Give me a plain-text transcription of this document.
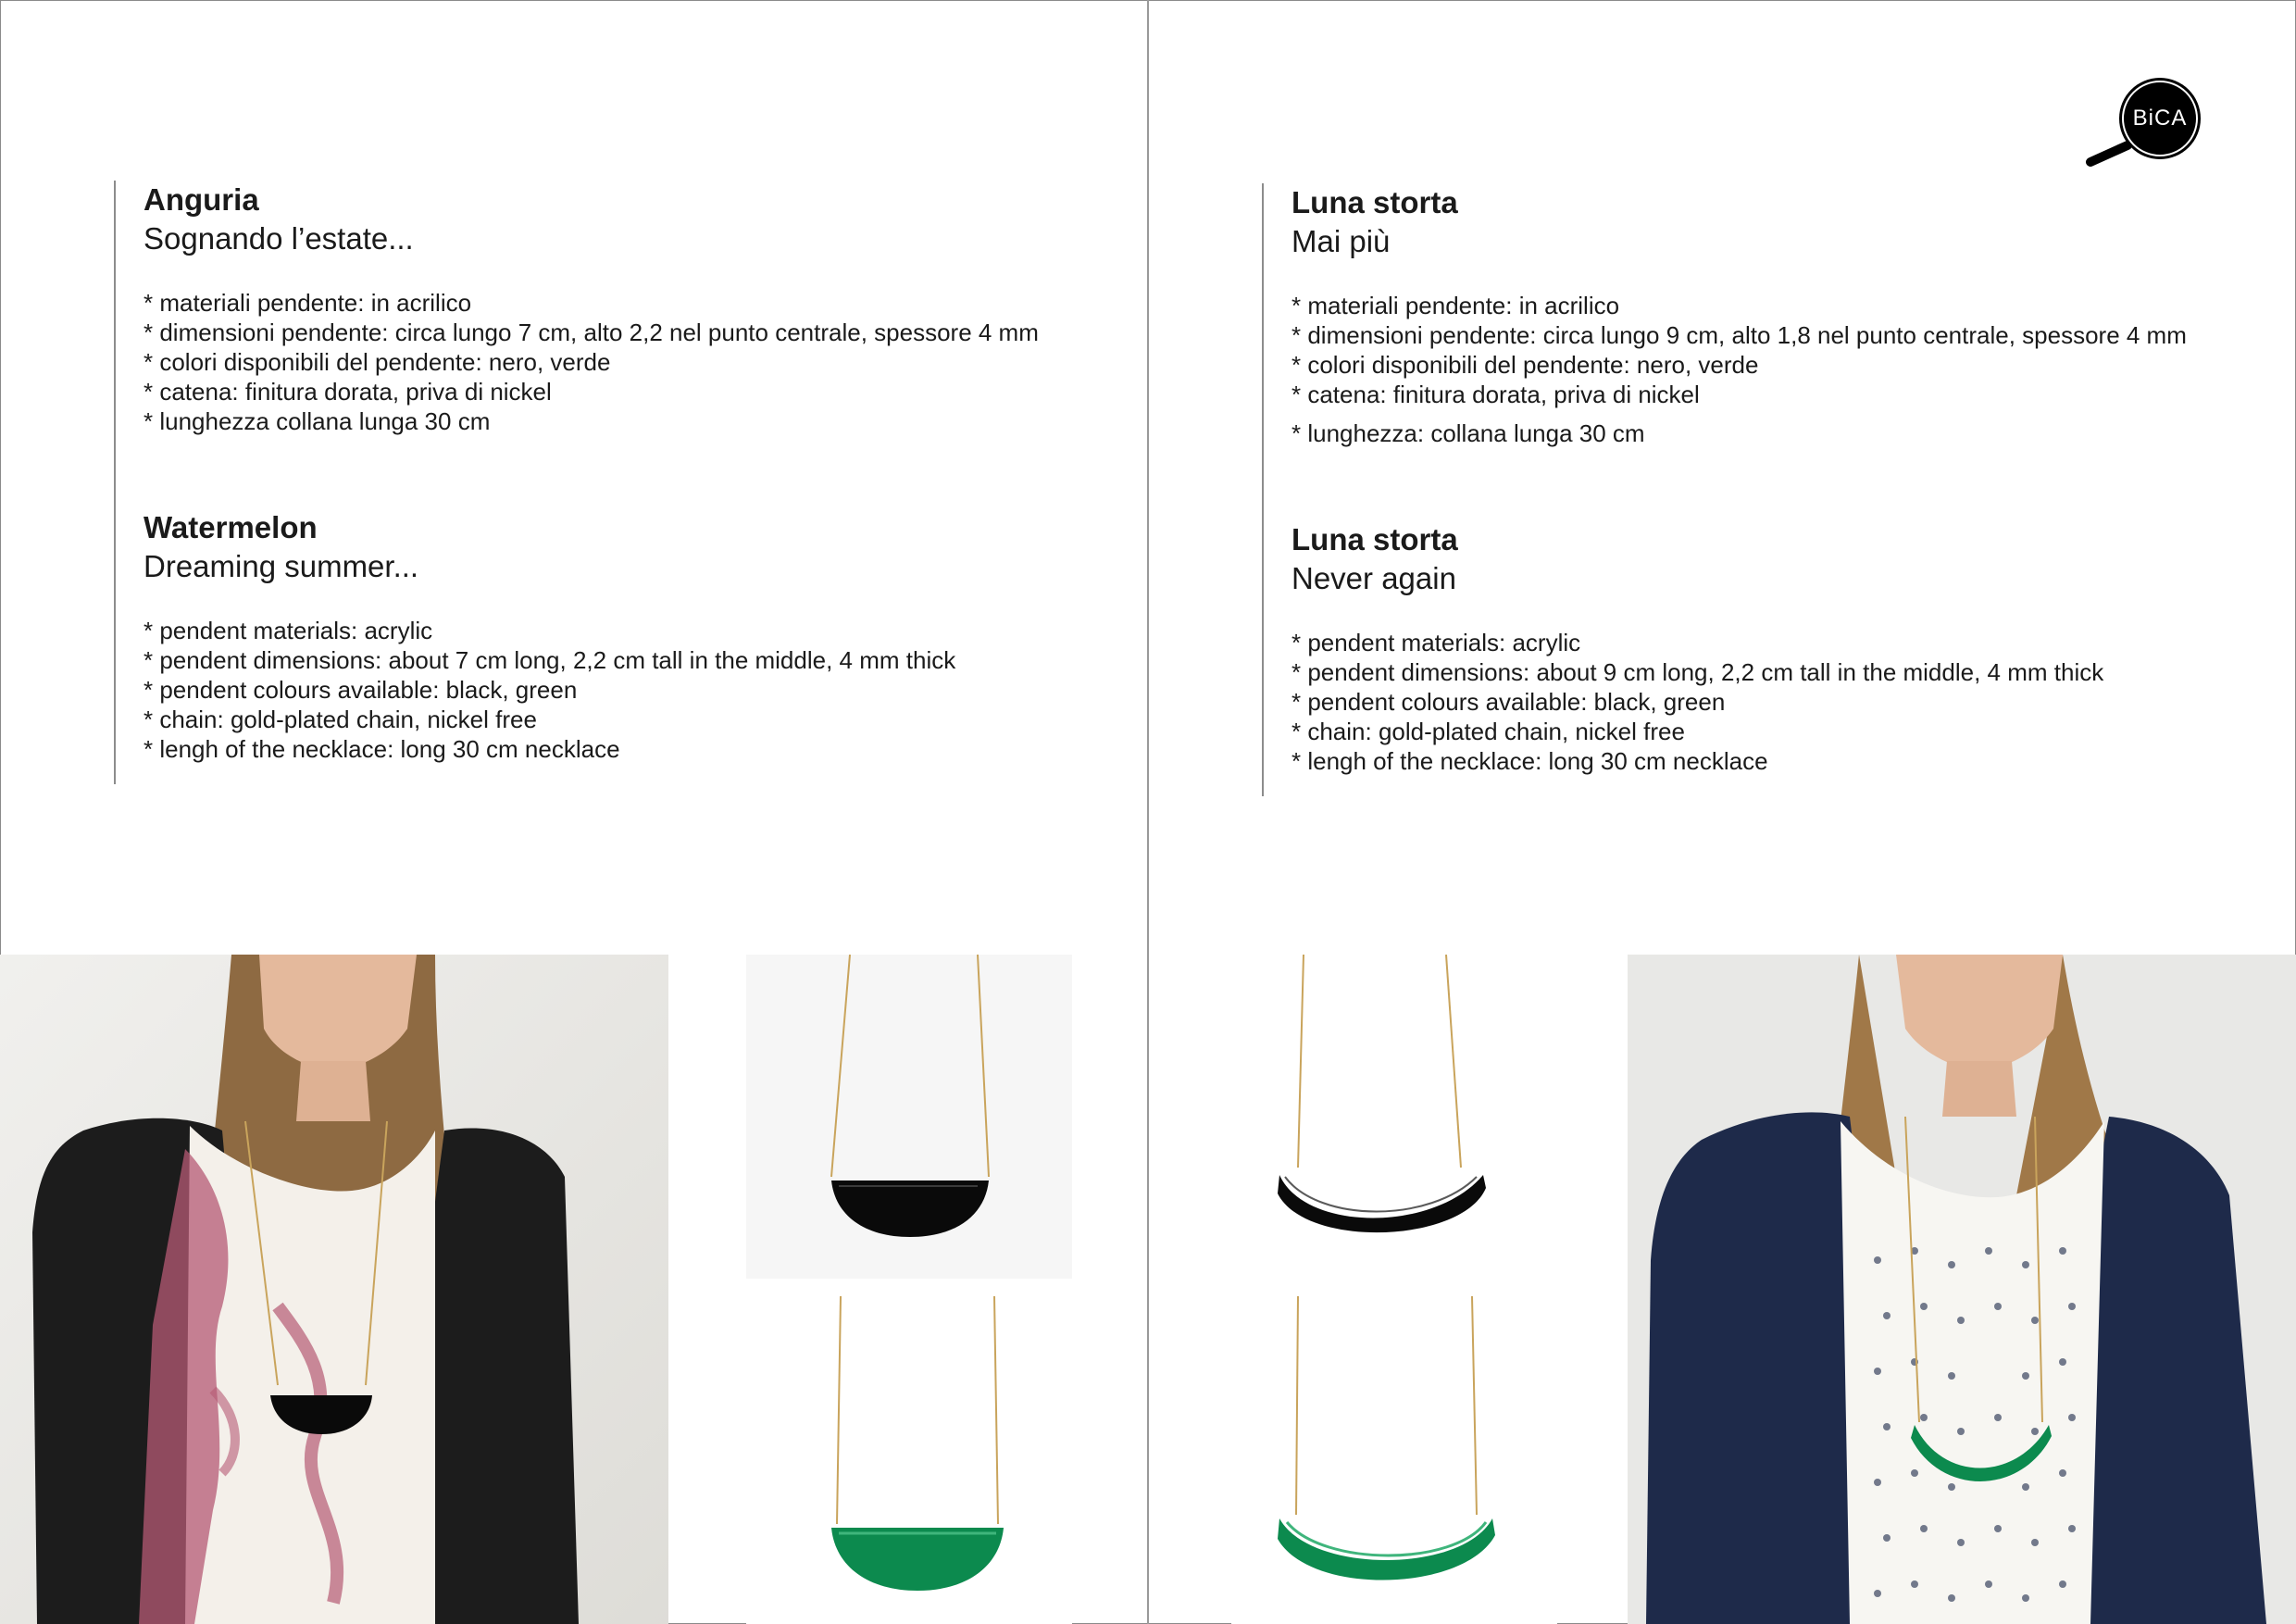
Anguria

Sognando l’estate...

* materiali pendente: in acrilico
* dimensioni pendente: circa lungo 7 cm, alto 2,2 nel punto centrale, spessore 4 mm
* colori disponibili del pendente: nero, verde
* catena: finitura dorata, priva di nickel
* lunghezza collana lunga 30 cm

Watermelon

Dreaming summer...

* pendent materials: acrylic
* pendent dimensions: about 7 cm long, 2,2 cm tall in the middle, 4 mm thick
* pendent colours available: black, green
* chain: gold-plated chain, nickel free
* lengh of the necklace: long 30 cm necklace

Luna storta

Mai più

* materiali pendente: in acrilico
* dimensioni pendente: circa lungo 9 cm, alto 1,8 nel punto centrale, spessore 4 mm
* colori disponibili del pendente: nero, verde
* catena: finitura dorata, priva di nickel
* lunghezza: collana lunga 30 cm

Luna storta

Never again

* pendent materials: acrylic
* pendent dimensions: about 9 cm long, 2,2 cm tall in the middle, 4 mm thick
* pendent colours available: black, green
* chain: gold-plated chain, nickel free
* lengh of the necklace: long 30 cm necklace
BiCA
